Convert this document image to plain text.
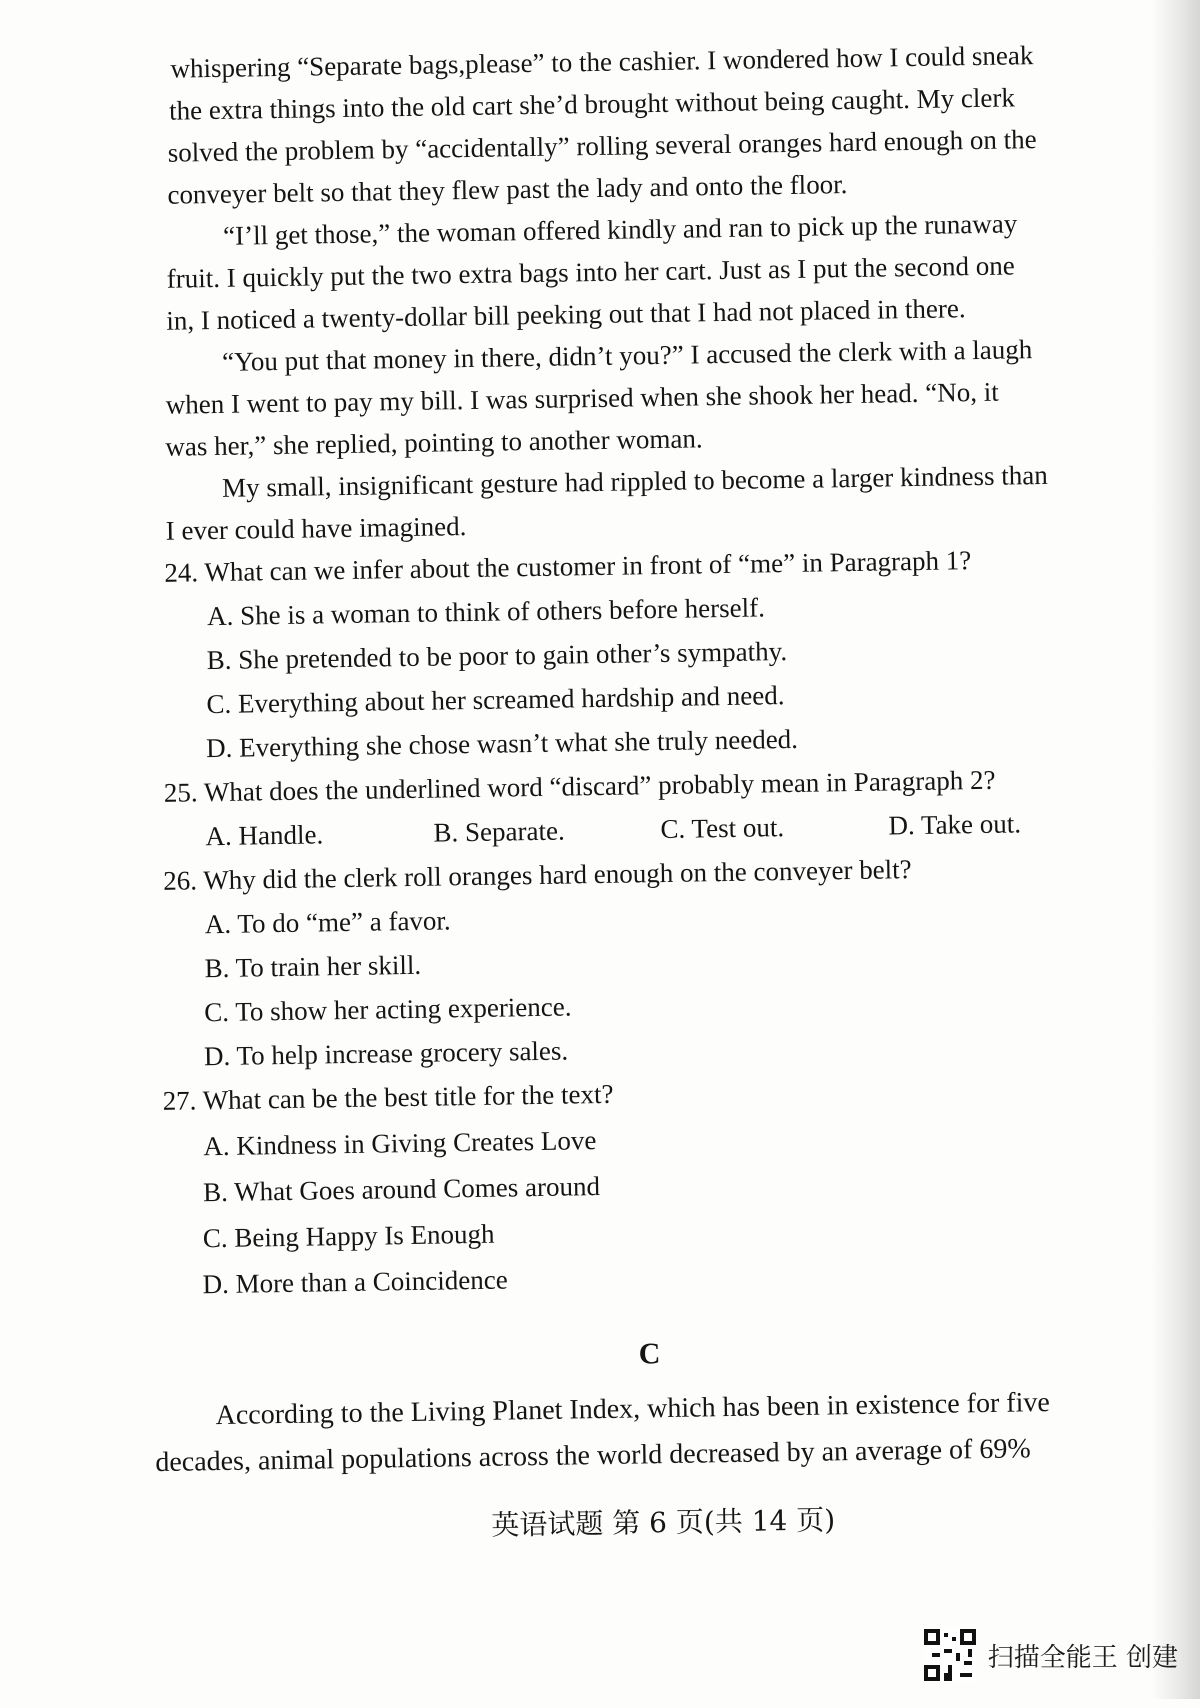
whispering “Separate bags,please” to the cashier. I wondered how I could sneak
the extra things into the old cart she’d brought without being caught. My clerk
solved the problem by “accidentally” rolling several oranges hard enough on the
conveyer belt so that they flew past the lady and onto the floor.
“I’ll get those,” the woman offered kindly and ran to pick up the runaway
fruit. I quickly put the two extra bags into her cart. Just as I put the second one
in, I noticed a twenty-dollar bill peeking out that I had not placed in there.
“You put that money in there, didn’t you?” I accused the clerk with a laugh
when I went to pay my bill. I was surprised when she shook her head. “No, it
was her,” she replied, pointing to another woman.
My small, insignificant gesture had rippled to become a larger kindness than
I ever could have imagined.
24. What can we infer about the customer in front of “me” in Paragraph 1?
A. She is a woman to think of others before herself.
B. She pretended to be poor to gain other’s sympathy.
C. Everything about her screamed hardship and need.
D. Everything she chose wasn’t what she truly needed.
25. What does the underlined word “discard” probably mean in Paragraph 2?
A. Handle.	B. Separate.	C. Test out.	D. Take out.
26. Why did the clerk roll oranges hard enough on the conveyer belt?
A. To do “me” a favor.
B. To train her skill.
C. To show her acting experience.
D. To help increase grocery sales.
27. What can be the best title for the text?
A. Kindness in Giving Creates Love
B. What Goes around Comes around
C. Being Happy Is Enough
D. More than a Coincidence
C
According to the Living Planet Index, which has been in existence for five
decades, animal populations across the world decreased by an average of 69%
英语试题 第 6 页(共 14 页)
扫描全能王 创建
